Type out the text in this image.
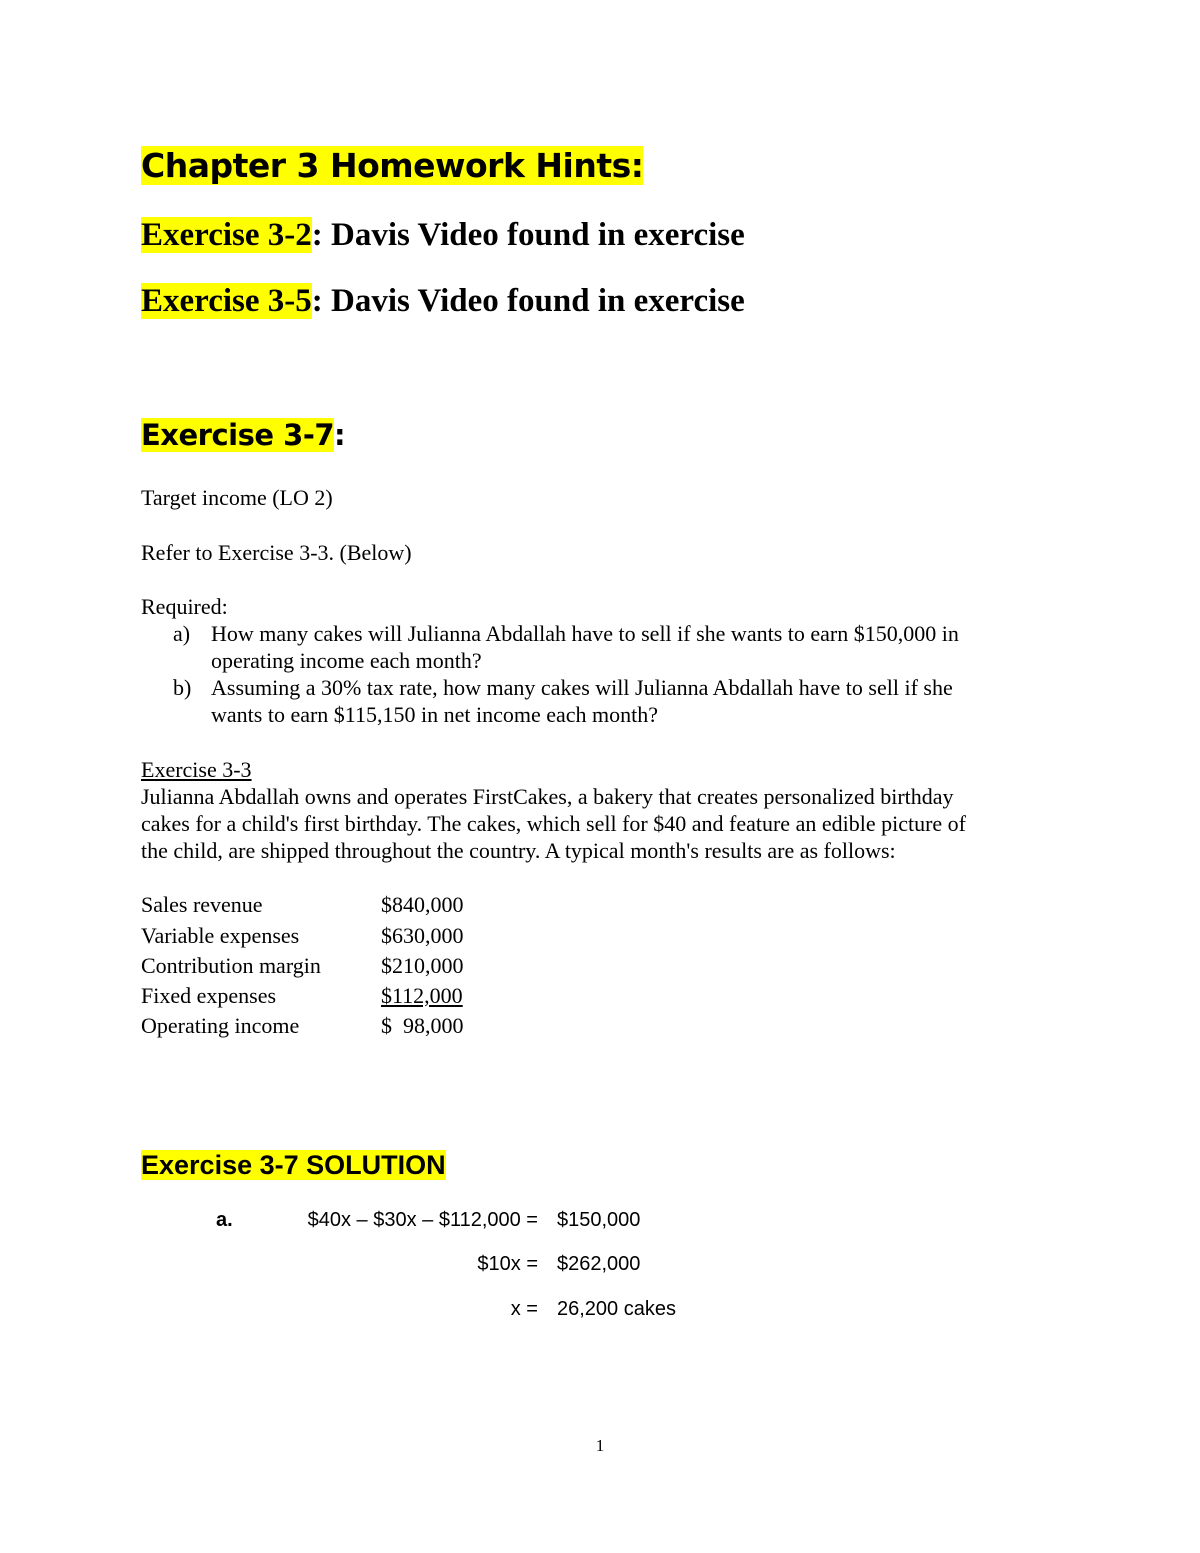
Chapter 3 Homework Hints:
Exercise 3-2: Davis Video found in exercise
Exercise 3-5: Davis Video found in exercise
Exercise 3-7:
Target income (LO 2)
Refer to Exercise 3-3. (Below)
Required:
a) How many cakes will Julianna Abdallah have to sell if she wants to earn $150,000 in
operating income each month?
b) Assuming a 30% tax rate, how many cakes will Julianna Abdallah have to sell if she
wants to earn $115,150 in net income each month?
Exercise 3-3
Julianna Abdallah owns and operates FirstCakes, a bakery that creates personalized birthday
cakes for a child's first birthday. The cakes, which sell for $40 and feature an edible picture of
the child, are shipped throughout the country. A typical month's results are as follows:
Sales revenue	$840,000
Variable expenses	$630,000
Contribution margin	$210,000
Fixed expenses	$112,000
Operating income	$  98,000
Exercise 3-7 SOLUTION
a.	$40x – $30x – $112,000 = $150,000
$10x = $262,000
x = 26,200 cakes
1
